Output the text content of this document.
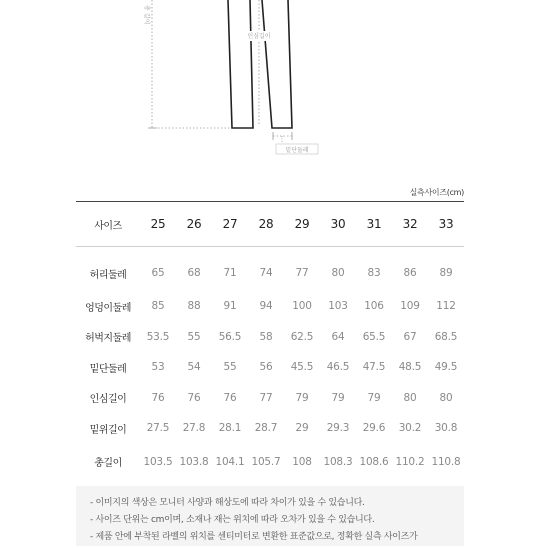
총 길이
인심길이
밑단둘레
실측사이즈(cm)
사이즈	25	26	27	28	29	30	31	32	33
허리둘레	65	68	71	74	77	80	83	86	89
엉덩이둘레	85	88	91	94	100	103	106	109	112
허벅지둘레	53.5	55	56.5	58	62.5	64	65.5	67	68.5
밑단둘레	53	54	55	56	45.5	46.5	47.5	48.5	49.5
인심길이	76	76	76	77	79	79	79	80	80
밑위길이	27.5	27.8	28.1	28.7	29	29.3	29.6	30.2	30.8
총길이	103.5	103.8	104.1	105.7	108	108.3	108.6	110.2	110.8
- 이미지의 색상은 모니터 사양과 해상도에 따라 차이가 있을 수 있습니다.
- 사이즈 단위는 cm이며, 소재나 재는 위치에 따라 오차가 있을 수 있습니다.
- 제품 안에 부착된 라벨의 위치를 센티미터로 변환한 표준값으로, 정확한 실측 사이즈가
